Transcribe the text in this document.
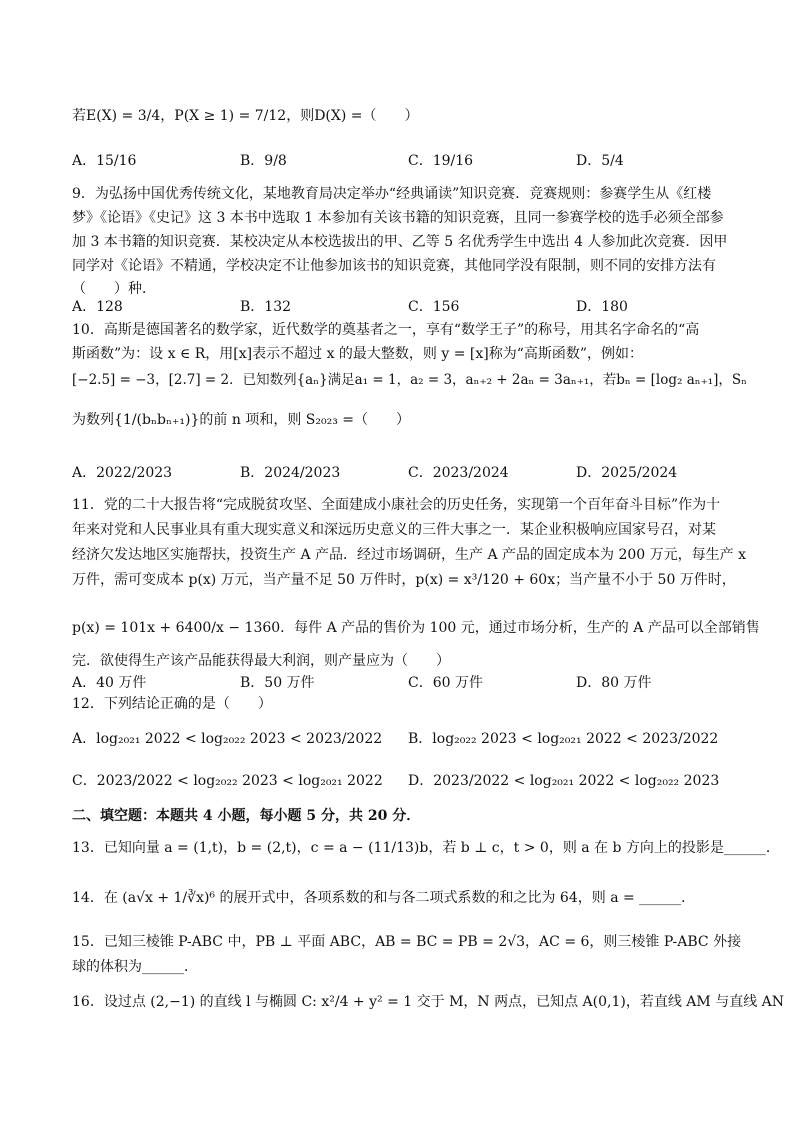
若E(X) = 3/4，P(X ≥ 1) = 7/12，则D(X) =（　　）
A．15/16	B．9/8	C．19/16	D．5/4
9．为弘扬中国优秀传统文化，某地教育局决定举办“经典诵读”知识竞赛．竞赛规则：参赛学生从《红楼
梦》《论语》《史记》这 3 本书中选取 1 本参加有关该书籍的知识竞赛，且同一参赛学校的选手必须全部参
加 3 本书籍的知识竞赛．某校决定从本校选拔出的甲、乙等 5 名优秀学生中选出 4 人参加此次竞赛．因甲
同学对《论语》不精通，学校决定不让他参加该书的知识竞赛，其他同学没有限制，则不同的安排方法有
（　　）种．
A．128	B．132	C．156	D．180
10．高斯是德国著名的数学家，近代数学的奠基者之一，享有“数学王子”的称号，用其名字命名的“高
斯函数”为：设 x ∈ R，用[x]表示不超过 x 的最大整数，则 y = [x]称为“高斯函数”，例如：
[−2.5] = −3，[2.7] = 2．已知数列{aₙ}满足a₁ = 1，a₂ = 3，aₙ₊₂ + 2aₙ = 3aₙ₊₁，若bₙ = [log₂ aₙ₊₁]，Sₙ
为数列{1/(bₙbₙ₊₁)}的前 n 项和，则 S₂₀₂₃ =（　　）
A．2022/2023	B．2024/2023	C．2023/2024	D．2025/2024
11．党的二十大报告将“完成脱贫攻坚、全面建成小康社会的历史任务，实现第一个百年奋斗目标”作为十
年来对党和人民事业具有重大现实意义和深远历史意义的三件大事之一．某企业积极响应国家号召，对某
经济欠发达地区实施帮扶，投资生产 A 产品．经过市场调研，生产 A 产品的固定成本为 200 万元，每生产 x
万件，需可变成本 p(x) 万元，当产量不足 50 万件时，p(x) = x³/120 + 60x；当产量不小于 50 万件时，
p(x) = 101x + 6400/x − 1360．每件 A 产品的售价为 100 元，通过市场分析，生产的 A 产品可以全部销售
完．欲使得生产该产品能获得最大利润，则产量应为（　　）
A．40 万件	B．50 万件	C．60 万件	D．80 万件
12．下列结论正确的是（　　）
A．log₂₀₂₁ 2022 < log₂₀₂₂ 2023 < 2023/2022 B．log₂₀₂₂ 2023 < log₂₀₂₁ 2022 < 2023/2022
C．2023/2022 < log₂₀₂₂ 2023 < log₂₀₂₁ 2022 D．2023/2022 < log₂₀₂₁ 2022 < log₂₀₂₂ 2023
二、填空题：本题共 4 小题，每小题 5 分，共 20 分．
13．已知向量 a = (1,t)，b = (2,t)，c = a − (11/13)b，若 b ⊥ c，t > 0，则 a 在 b 方向上的投影是______．
14．在 (a√x + 1/∛x)⁶ 的展开式中，各项系数的和与各二项式系数的和之比为 64，则 a = ______．
15．已知三棱锥 P-ABC 中，PB ⊥ 平面 ABC，AB = BC = PB = 2√3，AC = 6，则三棱锥 P-ABC 外接
球的体积为______．
16．设过点 (2,−1) 的直线 l 与椭圆 C: x²/4 + y² = 1 交于 M，N 两点，已知点 A(0,1)，若直线 AM 与直线 AN
